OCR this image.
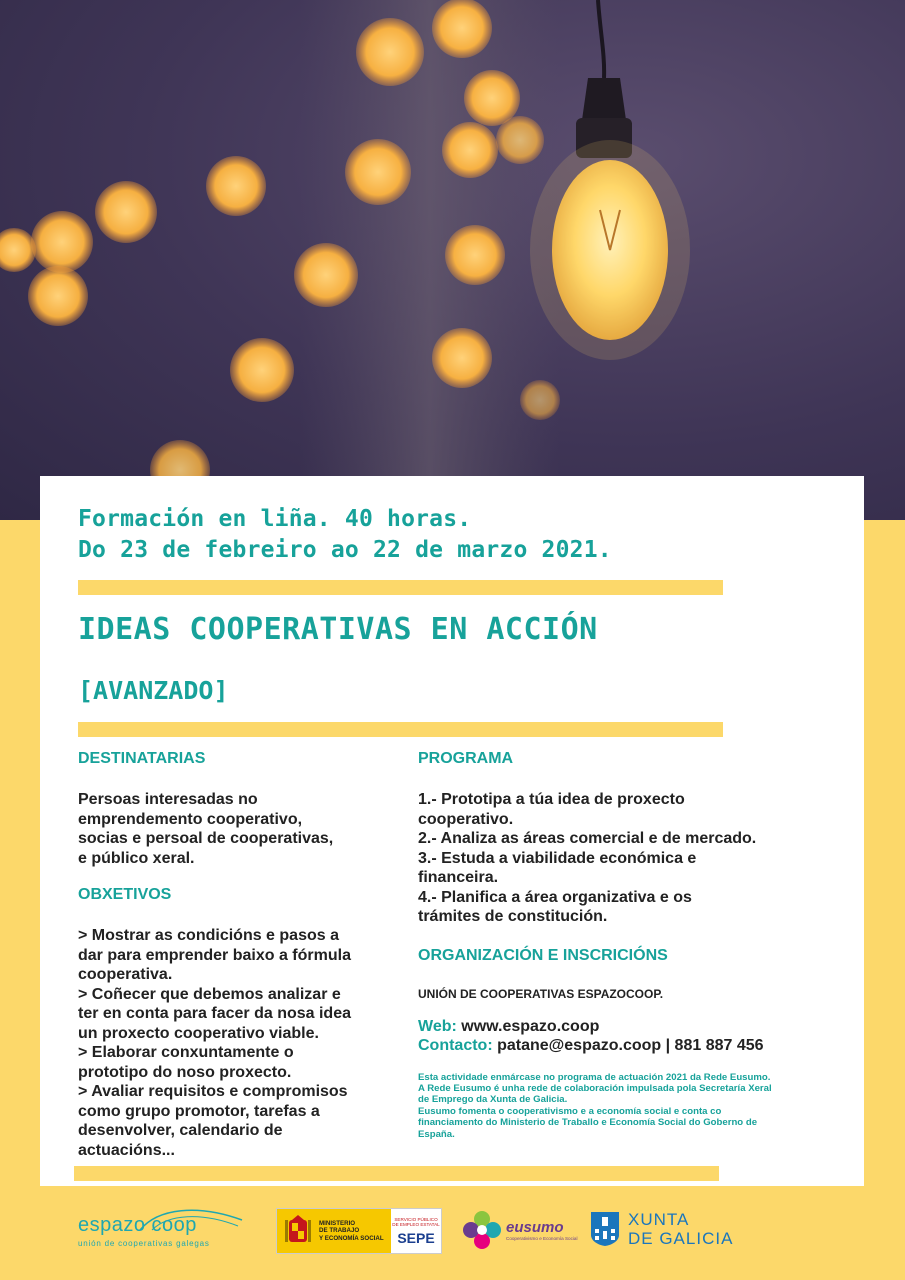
Formación en liña. 40 horas.
Do 23 de febreiro ao 22 de marzo 2021.

IDEAS COOPERATIVAS EN ACCIÓN
[AVANZADO]

DESTINATARIAS

Persoas interesadas no

emprendemento cooperativo,

socias e persoal de cooperativas,

e público xeral.

OBXETIVOS

> Mostrar as condicións e pasos a

dar para emprender baixo a fórmula

cooperativa.

> Coñecer que debemos analizar e

ter en conta para facer da nosa idea

un proxecto cooperativo viable.

> Elaborar conxuntamente o

prototipo do noso proxecto.

> Avaliar requisitos e compromisos

como grupo promotor, tarefas a

desenvolver, calendario de

actuacións...

PROGRAMA

1.- Prototipa a túa idea de proxecto

cooperativo.

2.- Analiza as áreas comercial e de mercado.

3.- Estuda a viabilidade económica e

financeira.

4.- Planifica a área organizativa e os

trámites de constitución.

ORGANIZACIÓN E INSCRICIÓNS

UNIÓN DE COOPERATIVAS ESPAZOCOOP.

Web: www.espazo.coop

Contacto: patane@espazo.coop | 881 887 456

Esta actividade enmárcase no programa de actuación 2021 da Rede Eusumo.

A Rede Eusumo é unha rede de colaboración impulsada pola Secretaría Xeral

de Emprego da Xunta de Galicia.

Eusumo fomenta o cooperativismo e a economía social e conta co

financiamento do Ministerio de Traballo e Economía Social do Goberno de

España.

espazo coop
unión de cooperativas galegas
MINISTERIO
DE TRABAJO
Y ECONOMÍA SOCIAL
SERVICIO PÚBLICO
DE EMPLEO ESTATAL
SEPE
eusumo
Cooperativismo e Economía Social
XUNTA
DE GALICIA
